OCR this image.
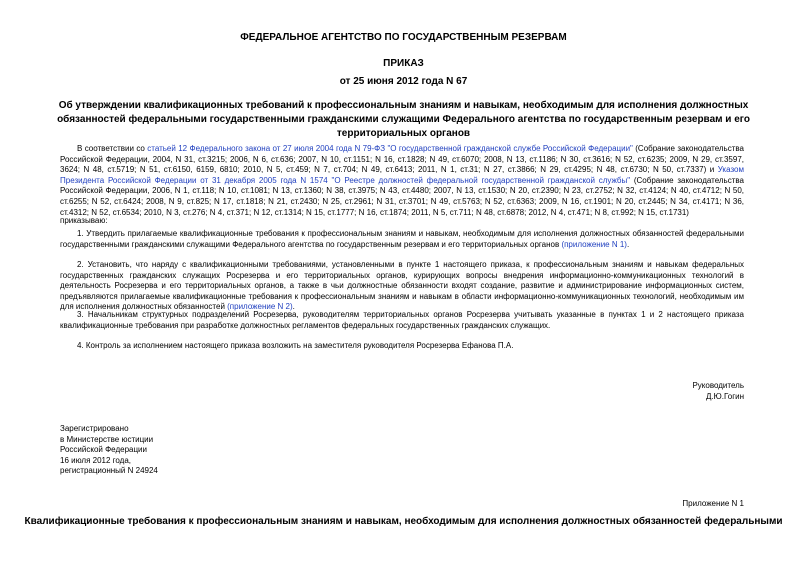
ФЕДЕРАЛЬНОЕ АГЕНТСТВО ПО ГОСУДАРСТВЕННЫМ РЕЗЕРВАМ
ПРИКАЗ
от 25 июня 2012 года N 67
Об утверждении квалификационных требований к профессиональным знаниям и навыкам, необходимым для исполнения должностных обязанностей федеральными государственными гражданскими служащими Федерального агентства по государственным резервам и его территориальных органов
В соответствии со статьей 12 Федерального закона от 27 июля 2004 года N 79-ФЗ "О государственной гражданской службе Российской Федерации" (Собрание законодательства Российской Федерации, 2004, N 31, ст.3215; 2006, N 6, ст.636; 2007, N 10, ст.1151; N 16, ст.1828; N 49, ст.6070; 2008, N 13, ст.1186; N 30, ст.3616; N 52, ст.6235; 2009, N 29, ст.3597, 3624; N 48, ст.5719; N 51, ст.6150, 6159, 6810; 2010, N 5, ст.459; N 7, ст.704; N 49, ст.6413; 2011, N 1, ст.31; N 27, ст.3866; N 29, ст.4295; N 48, ст.6730; N 50, ст.7337) и Указом Президента Российской Федерации от 31 декабря 2005 года N 1574 "О Реестре должностей федеральной государственной гражданской службы" (Собрание законодательства Российской Федерации, 2006, N 1, ст.118; N 10, ст.1081; N 13, ст.1360; N 38, ст.3975; N 43, ст.4480; 2007, N 13, ст.1530; N 20, ст.2390; N 23, ст.2752; N 32, ст.4124; N 40, ст.4712; N 50, ст.6255; N 52, ст.6424; 2008, N 9, ст.825; N 17, ст.1818; N 21, ст.2430; N 25, ст.2961; N 31, ст.3701; N 49, ст.5763; N 52, ст.6363; 2009, N 16, ст.1901; N 20, ст.2445; N 34, ст.4171; N 36, ст.4312; N 52, ст.6534; 2010, N 3, ст.276; N 4, ст.371; N 12, ст.1314; N 15, ст.1777; N 16, ст.1874; 2011, N 5, ст.711; N 48, ст.6878; 2012, N 4, ст.471; N 8, ст.992; N 15, ст.1731)
приказываю:
1. Утвердить прилагаемые квалификационные требования к профессиональным знаниям и навыкам, необходимым для исполнения должностных обязанностей федеральными государственными гражданскими служащими Федерального агентства по государственным резервам и его территориальных органов (приложение N 1).
2. Установить, что наряду с квалификационными требованиями, установленными в пункте 1 настоящего приказа, к профессиональным знаниям и навыкам федеральных государственных гражданских служащих Росрезерва и его территориальных органов, курирующих вопросы внедрения информационно-коммуникационных технологий в деятельность Росрезерва и его территориальных органов, а также в чьи должностные обязанности входят создание, развитие и администрирование информационных систем, предъявляются прилагаемые квалификационные требования к профессиональным знаниям и навыкам в области информационно-коммуникационных технологий, необходимым им для исполнения должностных обязанностей (приложение N 2).
3. Начальникам структурных подразделений Росрезерва, руководителям территориальных органов Росрезерва учитывать указанные в пунктах 1 и 2 настоящего приказа квалификационные требования при разработке должностных регламентов федеральных государственных гражданских служащих.
4. Контроль за исполнением настоящего приказа возложить на заместителя руководителя Росрезерва Ефанова П.А.
Руководитель
Д.Ю.Гогин
Зарегистрировано
в Министерстве юстиции
Российской Федерации
16 июля 2012 года,
регистрационный N 24924
Приложение N 1
Квалификационные требования к профессиональным знаниям и навыкам, необходимым для исполнения должностных обязанностей федеральными
